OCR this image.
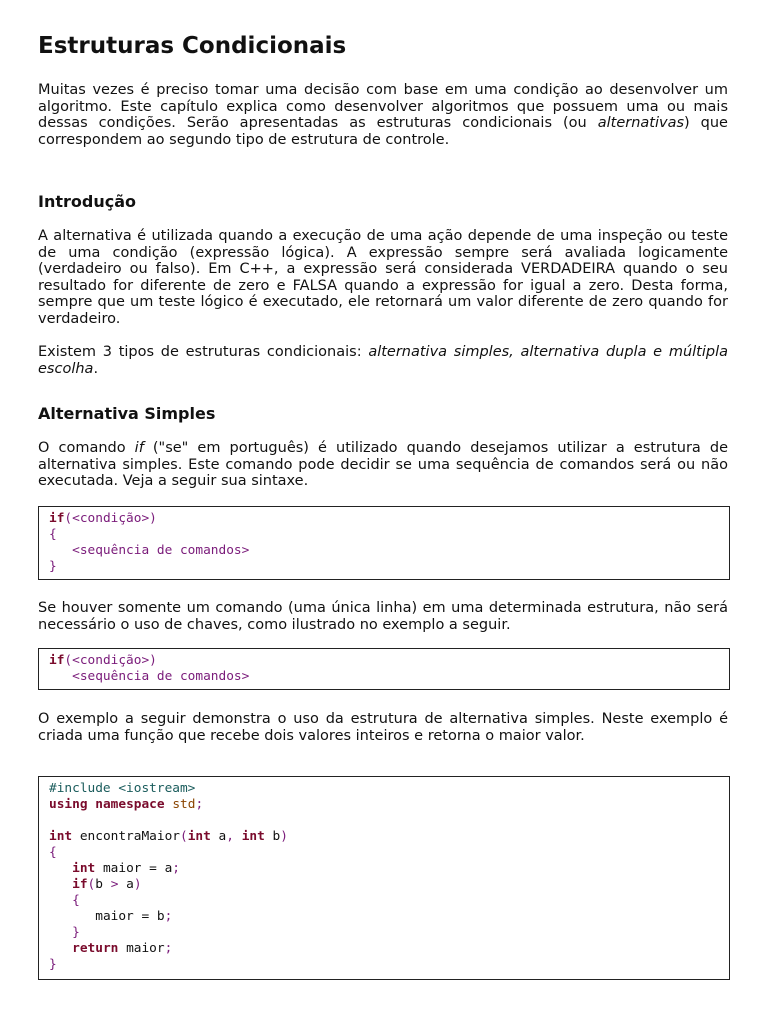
Estruturas Condicionais

Muitas vezes é preciso tomar uma decisão com base em uma condição ao desenvolver um algoritmo. Este capítulo explica como desenvolver algoritmos que possuem uma ou mais dessas condições. Serão apresentadas as estruturas condicionais (ou alternativas) que correspondem ao segundo tipo de estrutura de controle.

Introdução

A alternativa é utilizada quando a execução de uma ação depende de uma inspeção ou teste de uma condição (expressão lógica). A expressão sempre será avaliada logicamente (verdadeiro ou falso). Em C++, a expressão será considerada VERDADEIRA quando o seu resultado for diferente de zero e FALSA quando a expressão for igual a zero. Desta forma, sempre que um teste lógico é executado, ele retornará um valor diferente de zero quando for verdadeiro.

Existem 3 tipos de estruturas condicionais: alternativa simples, alternativa dupla e múltipla escolha.

Alternativa Simples

O comando if ("se" em português) é utilizado quando desejamos utilizar a estrutura de alternativa simples. Este comando pode decidir se uma sequência de comandos será ou não executada. Veja a seguir sua sintaxe.

if(<condição>)
{
<sequência de comandos>
}

Se houver somente um comando (uma única linha) em uma determinada estrutura, não será necessário o uso de chaves, como ilustrado no exemplo a seguir.

if(<condição>)
<sequência de comandos>

O exemplo a seguir demonstra o uso da estrutura de alternativa simples. Neste exemplo é criada uma função que recebe dois valores inteiros e retorna o maior valor.

#include <iostream>
using namespace std;
int encontraMaior(int a, int b)
{
int maior = a;
if(b > a)
{
maior = b;
}
return maior;
}
